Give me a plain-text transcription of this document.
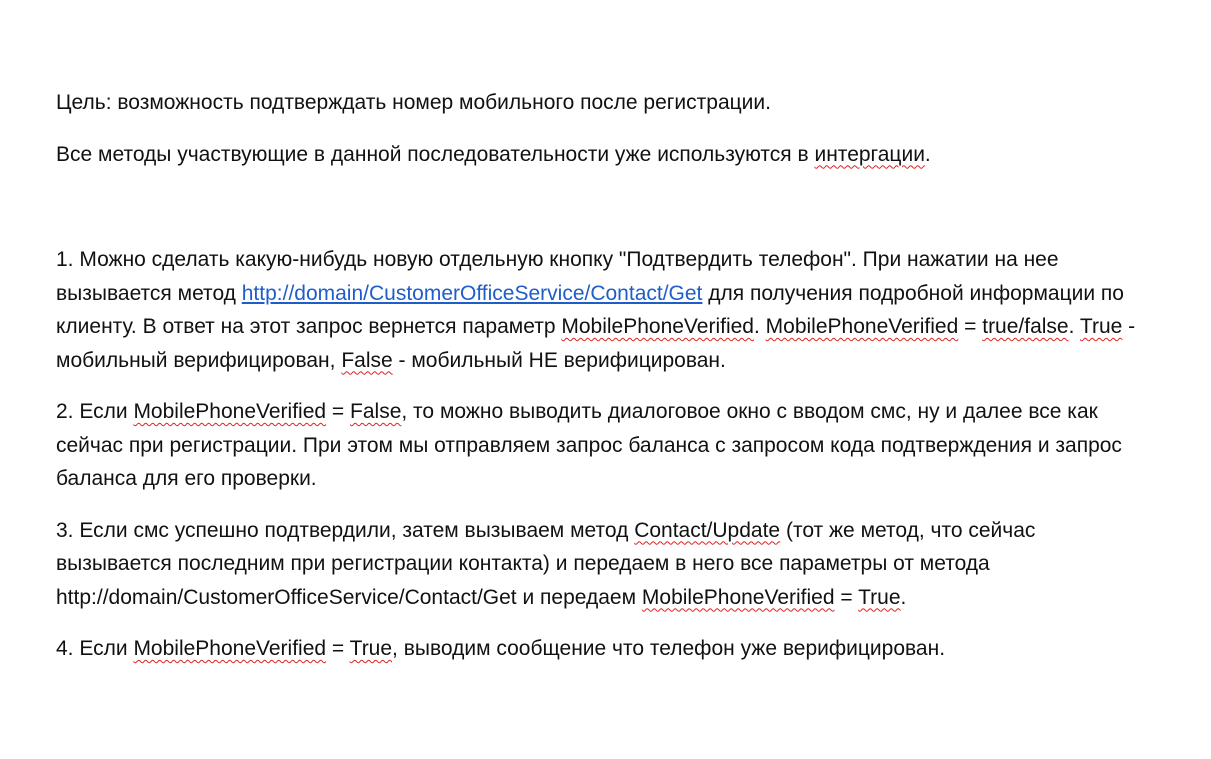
Цель: возможность подтверждать номер мобильного после регистрации.

Все методы участвующие в данной последовательности уже используются в интергации.

1. Можно сделать какую-нибудь новую отдельную кнопку "Подтвердить телефон". При нажатии на нее вызывается метод http://domain/CustomerOfficeService/Contact/Get для получения подробной информации по клиенту. В ответ на этот запрос вернется параметр MobilePhoneVerified. MobilePhoneVerified = true/false. True - мобильный верифицирован, False - мобильный НЕ верифицирован.

2. Если MobilePhoneVerified = False, то можно выводить диалоговое окно с вводом смс, ну и далее все как сейчас при регистрации. При этом мы отправляем запрос баланса с запросом кода подтверждения и запрос баланса для его проверки.

3. Если смс успешно подтвердили, затем вызываем метод Contact/Update (тот же метод, что сейчас вызывается последним при регистрации контакта) и передаем в него все параметры от метода http://domain/CustomerOfficeService/Contact/Get и передаем MobilePhoneVerified = True.

4. Если MobilePhoneVerified = True, выводим сообщение что телефон уже верифицирован.
